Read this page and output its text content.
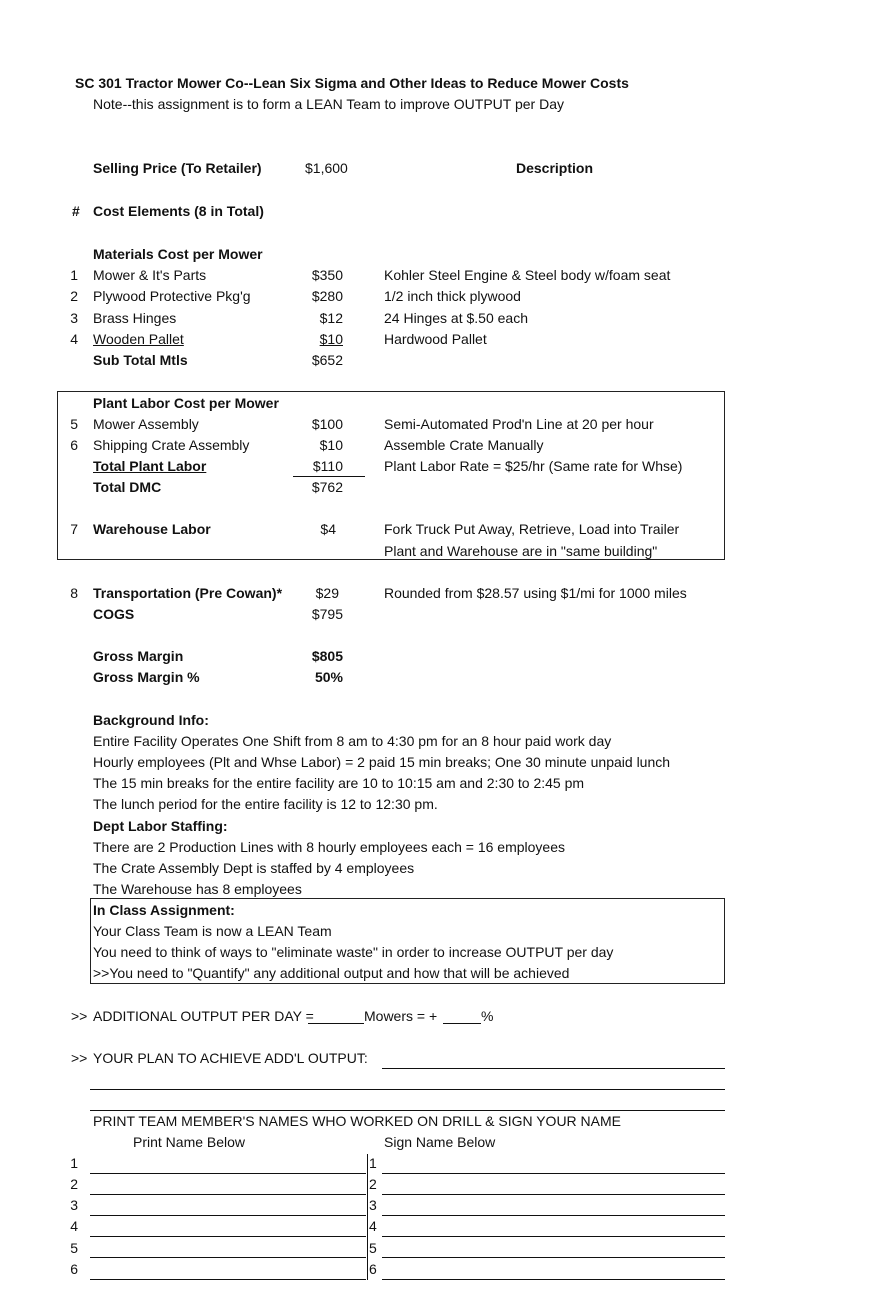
SC 301 Tractor Mower Co--Lean Six Sigma and Other Ideas to Reduce Mower Costs
Note--this assignment is to form a LEAN Team to improve OUTPUT per Day
Selling Price (To Retailer)	$1,600	Description
# Cost Elements (8 in Total)
Materials Cost per Mower
1 Mower & It's Parts	$350	Kohler Steel Engine & Steel body w/foam seat
2 Plywood Protective Pkg'g	$280	1/2 inch thick plywood
3 Brass Hinges	$12	24 Hinges at $.50 each
4 Wooden Pallet	$10	Hardwood Pallet
Sub Total Mtls	$652
Plant Labor Cost per Mower
5 Mower Assembly	$100	Semi-Automated Prod'n Line at 20 per hour
6 Shipping Crate Assembly	$10	Assemble Crate Manually
Total Plant Labor	$110	Plant Labor Rate = $25/hr (Same rate for Whse)
Total DMC	$762
7 Warehouse Labor	$4	Fork Truck Put Away, Retrieve, Load into Trailer
Plant and Warehouse are in "same building"
8 Transportation (Pre Cowan)*	$29	Rounded from $28.57 using $1/mi for 1000 miles
COGS	$795
Gross Margin	$805
Gross Margin %	50%
Background Info:
Entire Facility Operates One Shift from 8 am to 4:30 pm for an 8 hour paid work day
Hourly employees (Plt and Whse Labor) = 2 paid 15 min breaks; One 30 minute unpaid lunch
The 15 min breaks for the entire facility are 10 to 10:15 am and 2:30 to 2:45 pm
The lunch period for the entire facility is 12 to 12:30 pm.
Dept Labor Staffing:
There are 2 Production Lines with 8 hourly employees each = 16 employees
The Crate Assembly Dept is staffed by 4 employees
The Warehouse has 8 employees
In Class Assignment:
Your Class Team is now a LEAN Team
You need to think of ways to "eliminate waste" in order to increase OUTPUT per day
>>You need to "Quantify" any additional output and how that will be achieved
>> ADDITIONAL OUTPUT PER DAY =	Mowers = +	%
>> YOUR PLAN TO ACHIEVE ADD'L OUTPUT:
PRINT TEAM MEMBER'S NAMES WHO WORKED ON DRILL & SIGN YOUR NAME
Print Name Below	Sign Name Below
1	1
2	2
3	3
4	4
5	5
6	6
